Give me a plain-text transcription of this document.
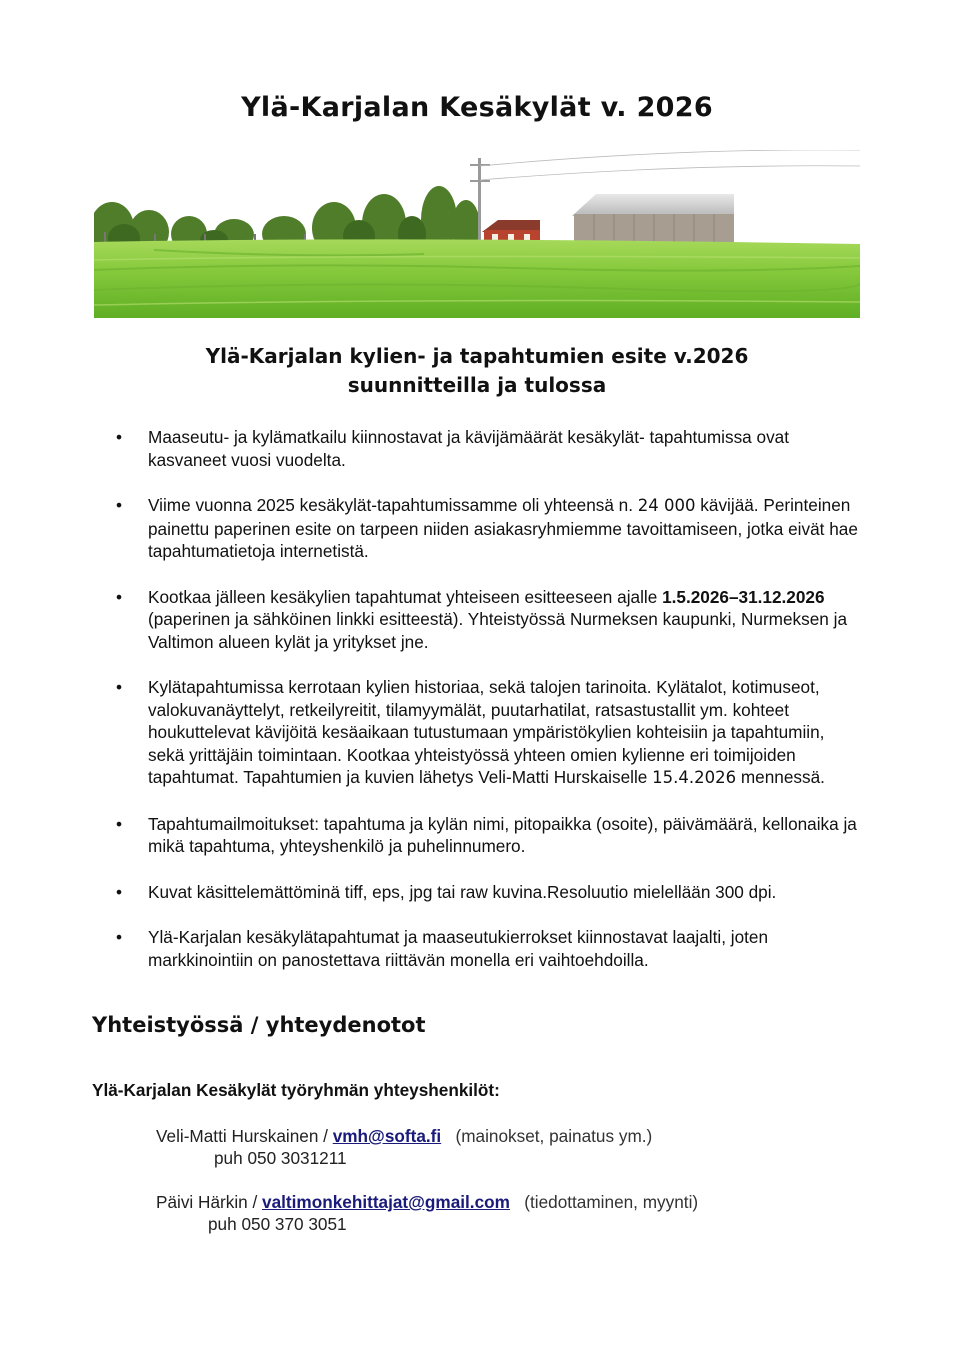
Ylä-Karjalan Kesäkylät v. 2026
Ylä-Karjalan kylien- ja tapahtumien esite v.2026
suunnitteilla ja tulossa
• Maaseutu- ja kylämatkailu kiinnostavat ja kävijämäärät kesäkylät- tapahtumissa ovat kasvaneet vuosi vuodelta.
• Viime vuonna 2025 kesäkylät-tapahtumissamme oli yhteensä n. 24 000 kävijää. Perinteinen painettu paperinen esite on tarpeen niiden asiakasryhmiemme tavoittamiseen, jotka eivät hae tapahtumatietoja internetistä.
• Kootkaa jälleen kesäkylien tapahtumat yhteiseen esitteeseen ajalle 1.5.2026–31.12.2026 (paperinen ja sähköinen linkki esitteestä). Yhteistyössä Nurmeksen kaupunki, Nurmeksen ja Valtimon alueen kylät ja yritykset jne.
• Kylätapahtumissa kerrotaan kylien historiaa, sekä talojen tarinoita. Kylätalot, kotimuseot, valokuvanäyttelyt, retkeilyreitit, tilamyymälät, puutarhatilat, ratsastustallit ym. kohteet houkuttelevat kävijöitä kesäaikaan tutustumaan ympäristökylien kohteisiin ja tapahtumiin, sekä yrittäjäin toimintaan. Kootkaa yhteistyössä yhteen omien kylienne eri toimijoiden tapahtumat. Tapahtumien ja kuvien lähetys Veli-Matti Hurskaiselle 15.4.2026 mennessä.
• Tapahtumailmoitukset: tapahtuma ja kylän nimi, pitopaikka (osoite), päivämäärä, kellonaika ja mikä tapahtuma, yhteyshenkilö ja puhelinnumero.
• Kuvat käsittelemättöminä tiff, eps, jpg tai raw kuvina.Resoluutio mielellään 300 dpi.
• Ylä-Karjalan kesäkylätapahtumat ja maaseutukierrokset kiinnostavat laajalti, joten markkinointiin on panostettava riittävän monella eri vaihtoehdoilla.
Yhteistyössä / yhteydenotot
Ylä-Karjalan Kesäkylät työryhmän yhteyshenkilöt:
Veli-Matti Hurskainen / vmh@softa.fi (mainokset, painatus ym.)
puh 050 3031211
Päivi Härkin / valtimonkehittajat@gmail.com (tiedottaminen, myynti)
puh 050 370 3051
